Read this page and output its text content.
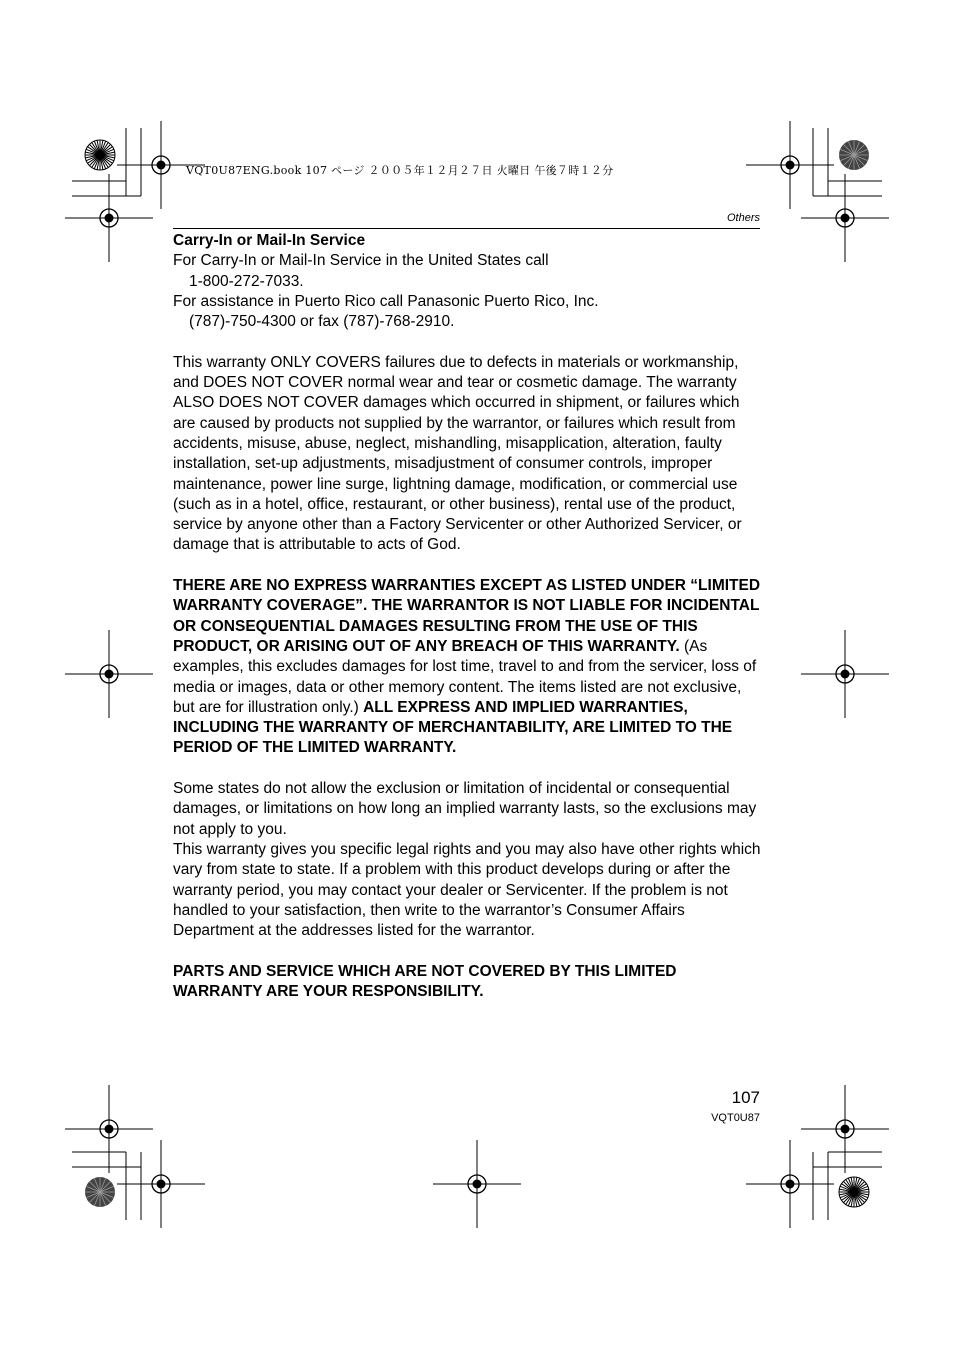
VQT0U87ENG.book 107 ページ ２００５年１２月２７日 火曜日 午後７時１２分
Others

Carry-In or Mail-In Service

For Carry-In or Mail-In Service in the United States call

1-800-272-7033.

For assistance in Puerto Rico call Panasonic Puerto Rico, Inc.

(787)-750-4300 or fax (787)-768-2910.

This warranty ONLY COVERS failures due to defects in materials or workmanship, and DOES NOT COVER normal wear and tear or cosmetic damage. The warranty ALSO DOES NOT COVER damages which occurred in shipment, or failures which are caused by products not supplied by the warrantor, or failures which result from accidents, misuse, abuse, neglect, mishandling, misapplication, alteration, faulty installation, set-up adjustments, misadjustment of consumer controls, improper maintenance, power line surge, lightning damage, modification, or commercial use (such as in a hotel, office, restaurant, or other business), rental use of the product, service by anyone other than a Factory Servicenter or other Authorized Servicer, or damage that is attributable to acts of God.

THERE ARE NO EXPRESS WARRANTIES EXCEPT AS LISTED UNDER “LIMITED WARRANTY COVERAGE”. THE WARRANTOR IS NOT LIABLE FOR INCIDENTAL OR CONSEQUENTIAL DAMAGES RESULTING FROM THE USE OF THIS PRODUCT, OR ARISING OUT OF ANY BREACH OF THIS WARRANTY. (As examples, this excludes damages for lost time, travel to and from the servicer, loss of media or images, data or other memory content. The items listed are not exclusive, but are for illustration only.) ALL EXPRESS AND IMPLIED WARRANTIES, INCLUDING THE WARRANTY OF MERCHANTABILITY, ARE LIMITED TO THE PERIOD OF THE LIMITED WARRANTY.

Some states do not allow the exclusion or limitation of incidental or consequential damages, or limitations on how long an implied warranty lasts, so the exclusions may not apply to you.

This warranty gives you specific legal rights and you may also have other rights which vary from state to state. If a problem with this product develops during or after the warranty period, you may contact your dealer or Servicenter. If the problem is not handled to your satisfaction, then write to the warrantor’s Consumer Affairs Department at the addresses listed for the warrantor.

PARTS AND SERVICE WHICH ARE NOT COVERED BY THIS LIMITED WARRANTY ARE YOUR RESPONSIBILITY.

107
VQT0U87
